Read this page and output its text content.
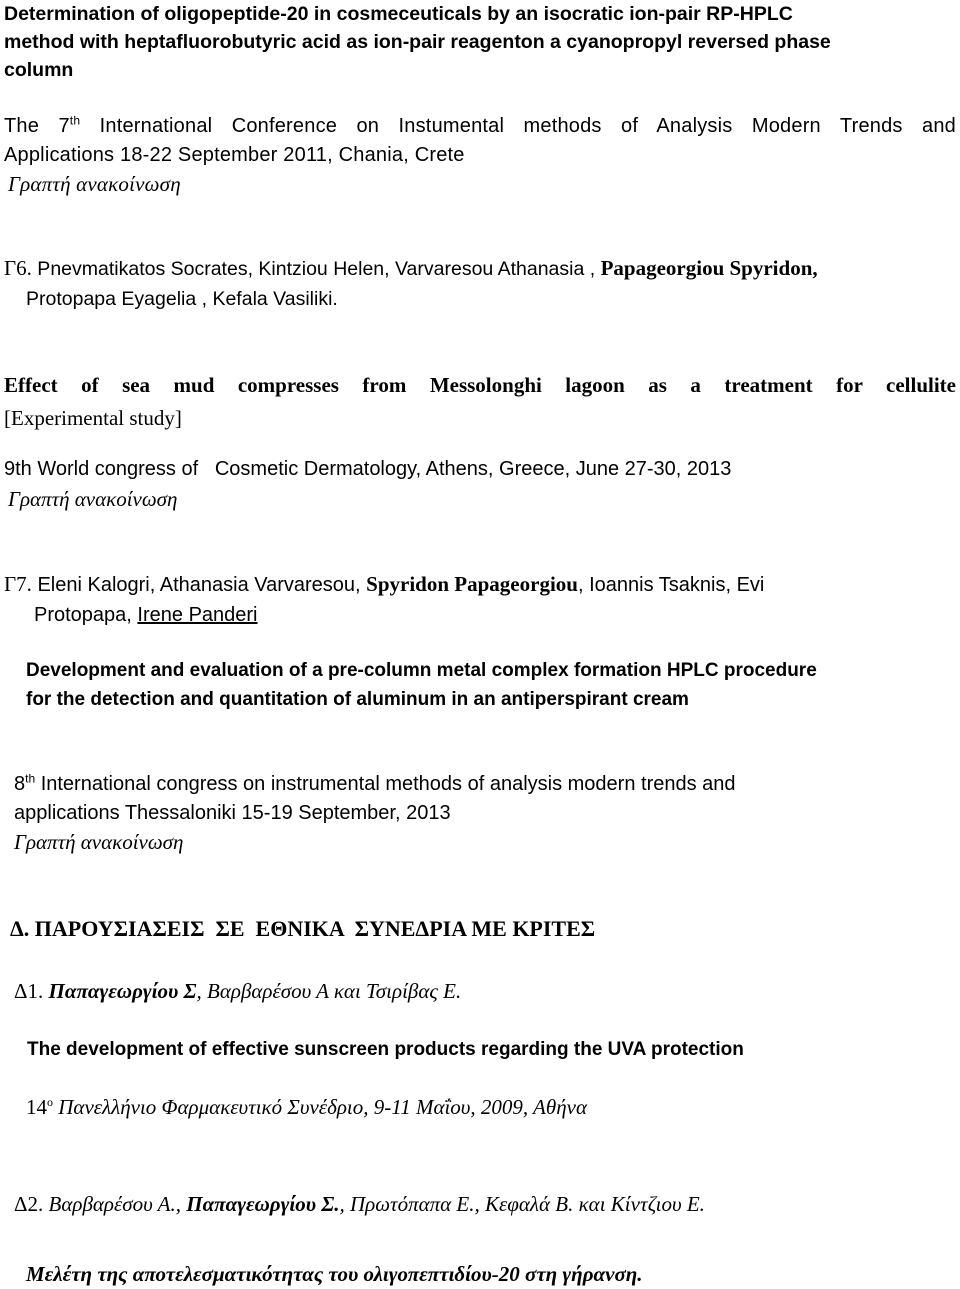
Determination of oligopeptide-20 in cosmeceuticals by an isocratic ion-pair RP-HPLC
method with heptafluorobutyric acid as ion-pair reagenton a cyanopropyl reversed phase
column
The 7th International Conference on Instumental methods of Analysis Modern Trends and
Applications 18-22 September 2011, Chania, Crete
Γραπτή ανακοίνωση
Γ6. Pnevmatikatos Socrates, Kintziou Helen, Varvaresou Athanasia , Papageorgiou Spyridon,
Protopapa Eyagelia , Kefala Vasiliki.
Effect of sea mud compresses from Messolonghi lagoon as a treatment for cellulite
[Experimental study]
9th World congress of   Cosmetic Dermatology, Athens, Greece, June 27-30, 2013
Γραπτή ανακοίνωση
Γ7. Eleni Kalogri, Athanasia Varvaresou, Spyridon Papageorgiou, Ioannis Tsaknis, Evi
Protopapa, Irene Panderi
Development and evaluation of a pre-column metal complex formation HPLC procedure
for the detection and quantitation of aluminum in an antiperspirant cream
8th International congress on instrumental methods of analysis modern trends and
applications Thessaloniki 15-19 September, 2013
Γραπτή ανακοίνωση
Δ. ΠΑΡΟΥΣΙΑΣΕΙΣ  ΣΕ  ΕΘΝΙΚΑ  ΣΥΝΕΔΡΙΑ ΜΕ ΚΡΙΤΕΣ
Δ1. Παπαγεωργίου Σ, Βαρβαρέσου Α και Τσιρίβας Ε.
The development of effective sunscreen products regarding the UVA protection
$14^o$ Πανελλήνιο Φαρμακευτικό Συνέδριο, 9-11 Μαΐου, 2009, Αθήνα
Δ2. Βαρβαρέσου Α., Παπαγεωργίου Σ., Πρωτόπαπα Ε., Κεφαλά Β. και Κίντζιου Ε.
Μελέτη της αποτελεσματικότητας του ολιγοπεπτιδίου-20 στη γήρανση.
